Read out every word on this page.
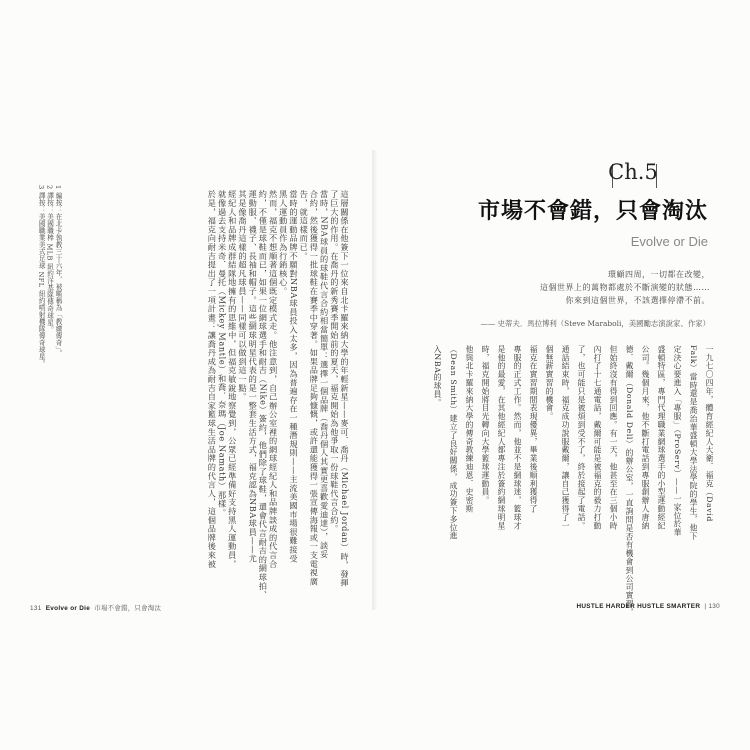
這層關係在他簽下一位來自北卡羅來納大學的年輕新星——麥可．喬丹（Michael Jordan）時，發揮
了巨大的作用。在喬丹的新秀賽季開始前的夏天，福克開始為他爭取一份球鞋代言合約。
當時，NBA球員的球鞋代言合約相當簡單：選擇一個品牌（喬丹個人其實更喜歡愛迪達），談妥
合約，然後獲得一批球鞋在賽季中穿著。如果品牌足夠慷慨，或許還能獲得一張宣傳海報或一支電視廣
告，就這樣而已。
當時的運動品牌不願對NBA球員投入太多，因為普遍存在一種潛規則——主流美國市場很難接受
黑人運動員作為行銷核心。
然而，福克不想順著這個既定模式走。他注意到，自己辦公室裡的網球經紀人和品牌談成的代言合
約，不僅是球鞋而已，如果一位網球選手和耐吉（Nike）簽約，他們除了球鞋，還會代言耐吉的網球拍、
運動服、襪子、長袖和帽子。這些網球明星代表的是一整套生活方式，福克認為NBA球員——尤
其是像喬丹這樣的超凡球員——同樣可以做到這一點。
經紀人和品牌成群結隊地擁有的思維中，但福克敏銳地察覺到，公眾已經準備好支持黑人運動員，
就像過去支持米奇．曼托（Mickey Mantle）和喬．奈瑪（Joe Namath）那樣。
於是，福克向耐吉提出了一項計畫：讓喬丹成為耐吉自家籃球生活品牌的代言人，這個品牌後來被
1 編按：在北卡執教三十六年，被暱稱為「教練傳奇」。
2 譯按：美國職棒 MLB 紐約洋基隊傳奇球星。
3 譯按：美國職業美式足球 NFL 紐約噴射機隊傳奇球星。
Ch.5
市場不會錯，只會淘汰
Evolve or Die
環顧四周，一切都在改變，
這個世界上的萬物都處於不斷演變的狀態……
你來到這個世界，不該選擇停滯不前。
—— 史蒂夫．馬拉博利（Steve Maraboli，美國勵志演說家、作家）
一九七〇四年，體育經紀人大衛．福克（David
Falk）當時還是喬治華盛頓大學法學院的學生，他下
定決心要進入「專服」（ProServ）——一家位於華
盛頓特區，專門代理職業網球選手的小型運動經紀
公司。幾個月來，他不斷打電話到專服創辦人唐納
德．戴爾（Donald Dell）的辦公室，一直詢問是否有機會到公司實習，
但始終沒有得到回應。有一天，他甚至在三個小時
內打了十七通電話，戴爾可能是被福克的毅力打動
了，也可能只是被煩到受不了，終於接起了電話。
通話結束時，福克成功說服戴爾，讓自己獲得了一
個無薪實習的機會。
福克在實習期間表現優異，畢業後順利獲得了
專服的正式工作。然而，他並不是網球迷，籃球才
是他的最愛，在其他經紀人都專注於簽約網球明星
時，福克開始將目光轉向大學籃球運動員。
他與北卡羅來納大學的傳奇教練迪恩．史密斯
（Dean Smith）建立了良好關係，成功簽下多位進
入NBA的球員。
131 Evolve or Die 市場不會錯，只會淘汰	HUSTLE HARDER HUSTLE SMARTER  | 130
